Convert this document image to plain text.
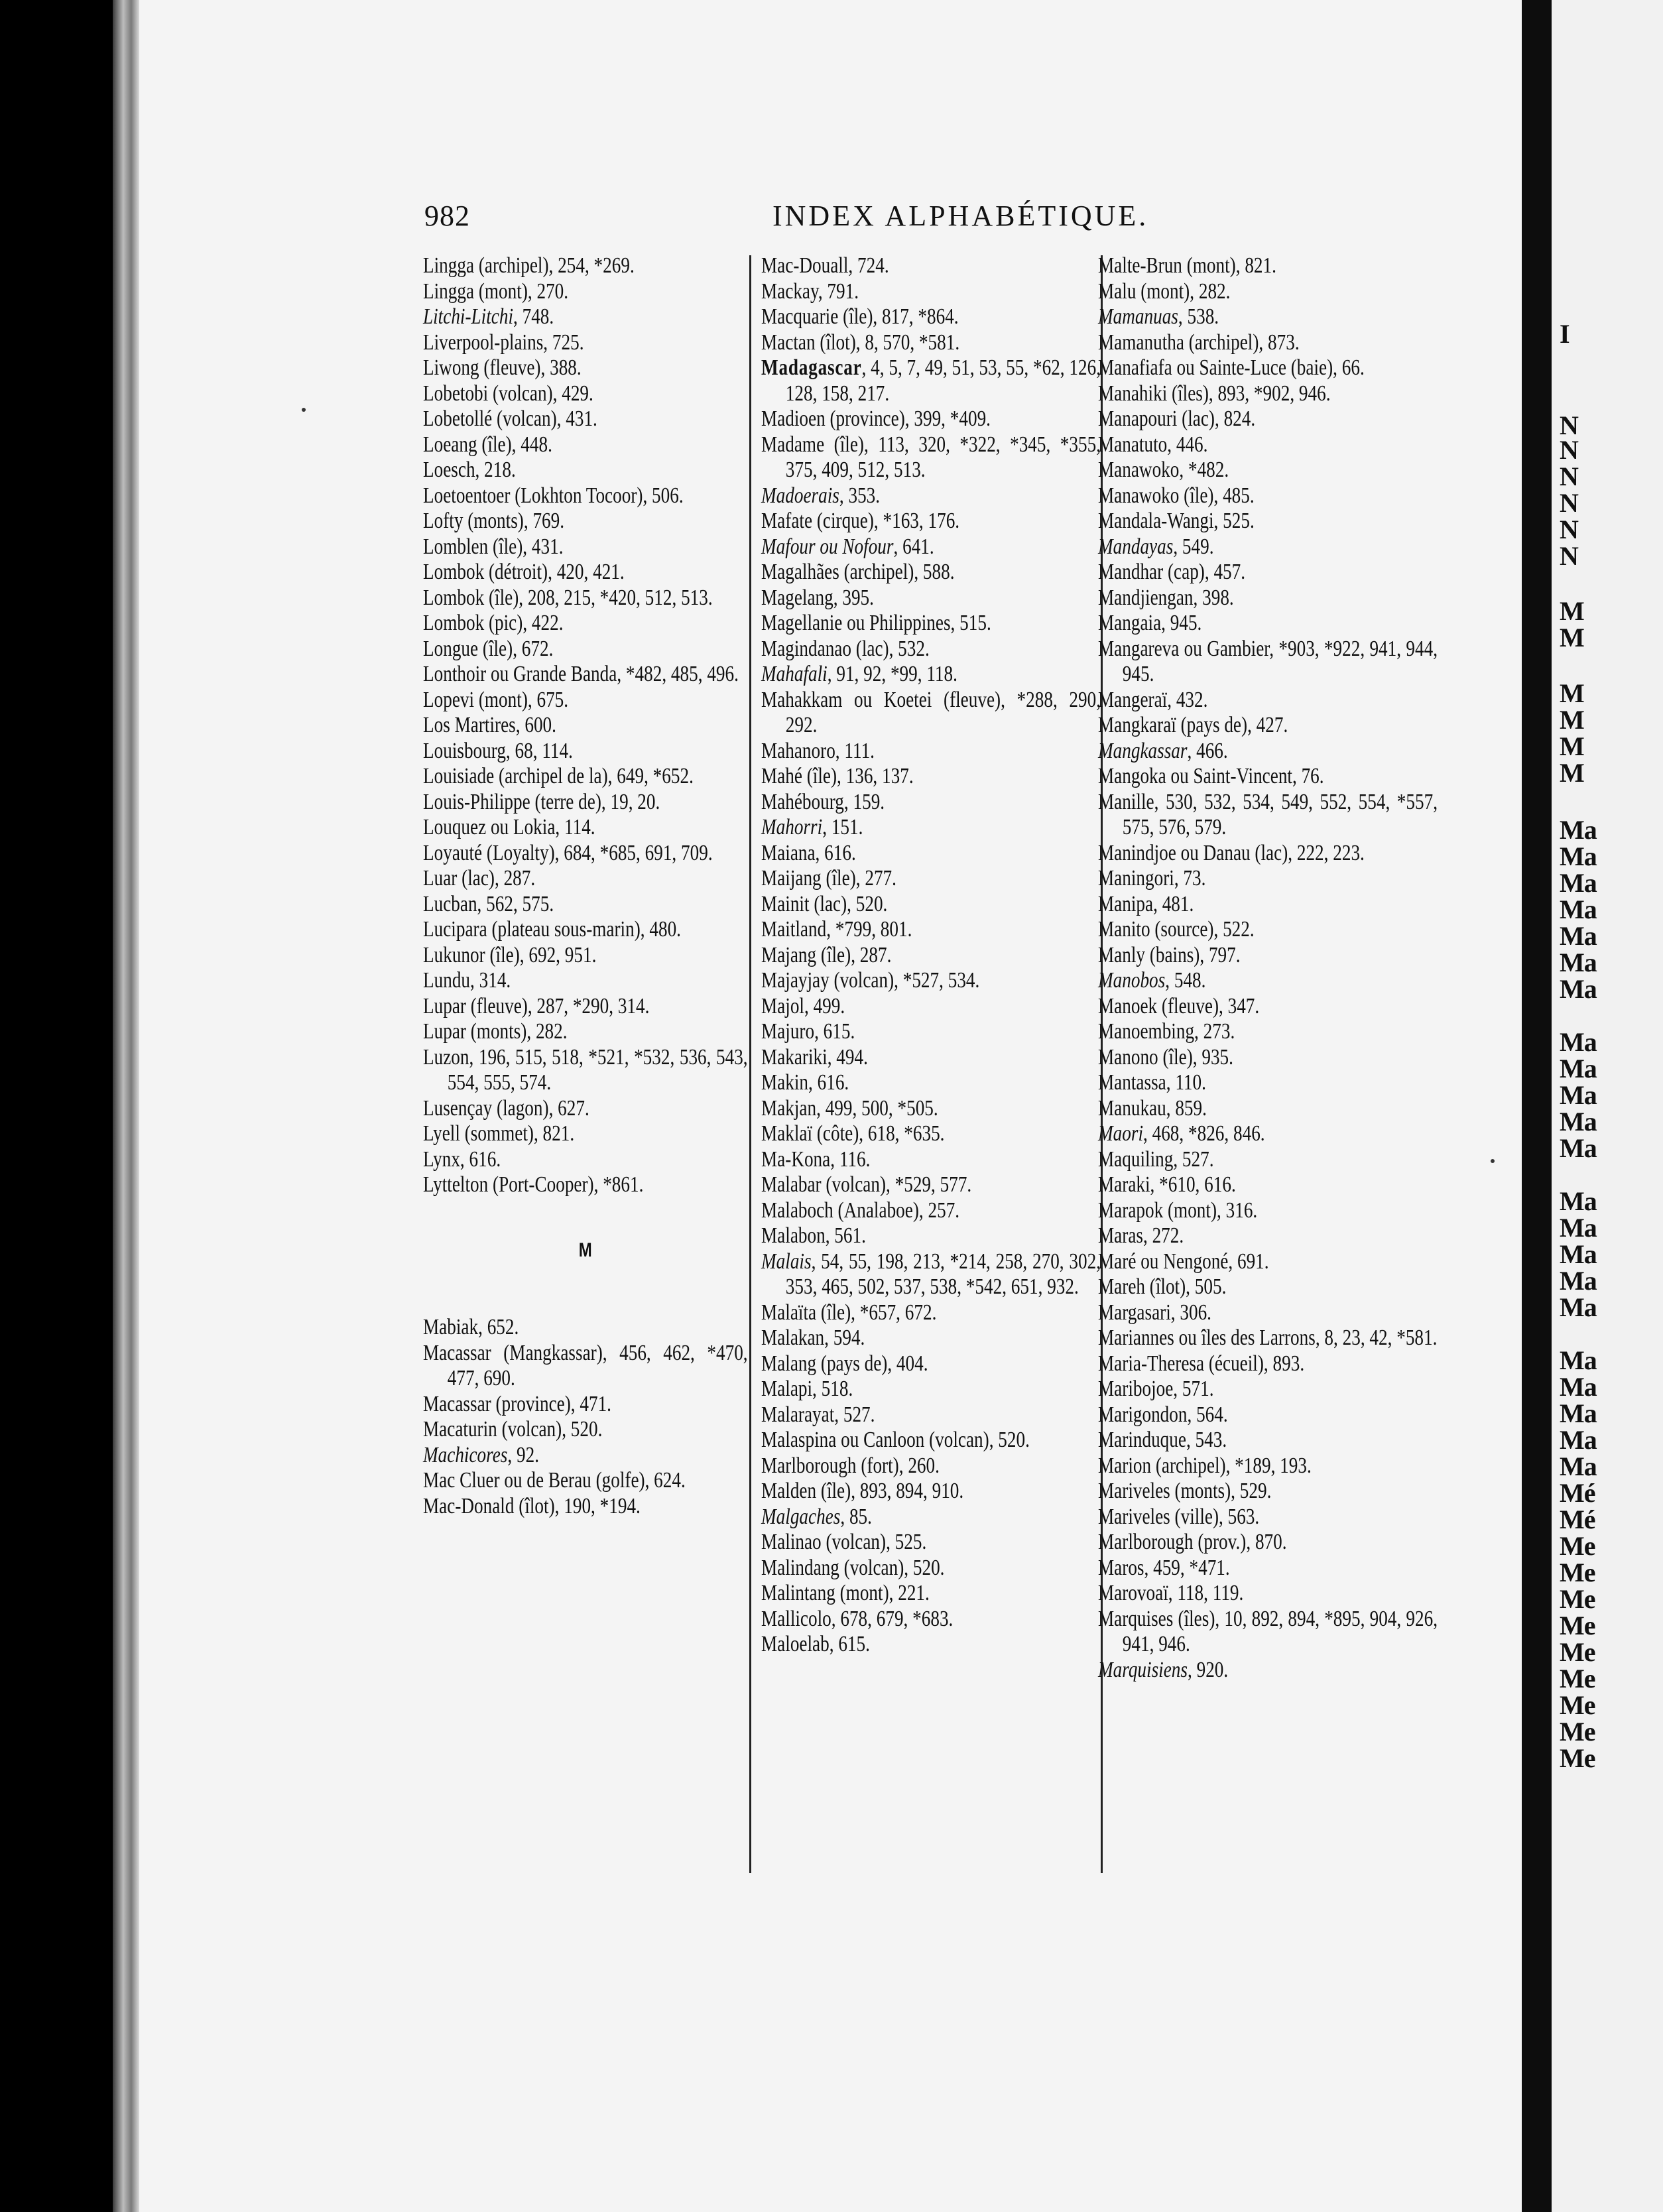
I
N
N
N
N
N
N
M
M
M
M
M
M
Ma
Ma
Ma
Ma
Ma
Ma
Ma
Ma
Ma
Ma
Ma
Ma
Ma
Ma
Ma
Ma
Ma
Ma
Ma
Ma
Ma
Ma
Mé
Mé
Me
Me
Me
Me
Me
Me
Me
Me
Me
982	INDEX ALPHABÉTIQUE.
Lingga (archipel), 254, *269.
Lingga (mont), 270.
Litchi-Litchi, 748.
Liverpool-plains, 725.
Liwong (fleuve), 388.
Lobetobi (volcan), 429.
Lobetollé (volcan), 431.
Loeang (île), 448.
Loesch, 218.
Loetoentoer (Lokhton Tocoor), 506.
Lofty (monts), 769.
Lomblen (île), 431.
Lombok (détroit), 420, 421.
Lombok (île), 208, 215, *420, 512, 513.
Lombok (pic), 422.
Longue (île), 672.
Lonthoir ou Grande Banda, *482, 485, 496.
Lopevi (mont), 675.
Los Martires, 600.
Louisbourg, 68, 114.
Louisiade (archipel de la), 649, *652.
Louis-Philippe (terre de), 19, 20.
Louquez ou Lokia, 114.
Loyauté (Loyalty), 684, *685, 691, 709.
Luar (lac), 287.
Lucban, 562, 575.
Lucipara (plateau sous-marin), 480.
Lukunor (île), 692, 951.
Lundu, 314.
Lupar (fleuve), 287, *290, 314.
Lupar (monts), 282.
Luzon, 196, 515, 518, *521, *532, 536, 543, 554, 555, 574.
Lusençay (lagon), 627.
Lyell (sommet), 821.
Lynx, 616.
Lyttelton (Port-Cooper), *861.
M
Mabiak, 652.
Macassar (Mangkassar), 456, 462, *470, 477, 690.
Macassar (province), 471.
Macaturin (volcan), 520.
Machicores, 92.
Mac Cluer ou de Berau (golfe), 624.
Mac-Donald (îlot), 190, *194.
Mac-Douall, 724.
Mackay, 791.
Macquarie (île), 817, *864.
Mactan (îlot), 8, 570, *581.
Madagascar, 4, 5, 7, 49, 51, 53, 55, *62, 126, 128, 158, 217.
Madioen (province), 399, *409.
Madame (île), 113, 320, *322, *345, *355, 375, 409, 512, 513.
Madoerais, 353.
Mafate (cirque), *163, 176.
Mafour ou Nofour, 641.
Magalhães (archipel), 588.
Magelang, 395.
Magellanie ou Philippines, 515.
Magindanao (lac), 532.
Mahafali, 91, 92, *99, 118.
Mahakkam ou Koetei (fleuve), *288, 290, 292.
Mahanoro, 111.
Mahé (île), 136, 137.
Mahébourg, 159.
Mahorri, 151.
Maiana, 616.
Maijang (île), 277.
Mainit (lac), 520.
Maitland, *799, 801.
Majang (île), 287.
Majayjay (volcan), *527, 534.
Majol, 499.
Majuro, 615.
Makariki, 494.
Makin, 616.
Makjan, 499, 500, *505.
Maklaï (côte), 618, *635.
Ma-Kona, 116.
Malabar (volcan), *529, 577.
Malaboch (Analaboe), 257.
Malabon, 561.
Malais, 54, 55, 198, 213, *214, 258, 270, 302, 353, 465, 502, 537, 538, *542, 651, 932.
Malaïta (île), *657, 672.
Malakan, 594.
Malang (pays de), 404.
Malapi, 518.
Malarayat, 527.
Malaspina ou Canloon (volcan), 520.
Marlborough (fort), 260.
Malden (île), 893, 894, 910.
Malgaches, 85.
Malinao (volcan), 525.
Malindang (volcan), 520.
Malintang (mont), 221.
Mallicolo, 678, 679, *683.
Maloelab, 615.
Malte-Brun (mont), 821.
Malu (mont), 282.
Mamanuas, 538.
Mamanutha (archipel), 873.
Manafiafa ou Sainte-Luce (baie), 66.
Manahiki (îles), 893, *902, 946.
Manapouri (lac), 824.
Manatuto, 446.
Manawoko, *482.
Manawoko (île), 485.
Mandala-Wangi, 525.
Mandayas, 549.
Mandhar (cap), 457.
Mandjiengan, 398.
Mangaia, 945.
Mangareva ou Gambier, *903, *922, 941, 944, 945.
Mangeraï, 432.
Mangkaraï (pays de), 427.
Mangkassar, 466.
Mangoka ou Saint-Vincent, 76.
Manille, 530, 532, 534, 549, 552, 554, *557, 575, 576, 579.
Manindjoe ou Danau (lac), 222, 223.
Maningori, 73.
Manipa, 481.
Manito (source), 522.
Manly (bains), 797.
Manobos, 548.
Manoek (fleuve), 347.
Manoembing, 273.
Manono (île), 935.
Mantassa, 110.
Manukau, 859.
Maori, 468, *826, 846.
Maquiling, 527.
Maraki, *610, 616.
Marapok (mont), 316.
Maras, 272.
Maré ou Nengoné, 691.
Mareh (îlot), 505.
Margasari, 306.
Mariannes ou îles des Larrons, 8, 23, 42, *581.
Maria-Theresa (écueil), 893.
Maribojoe, 571.
Marigondon, 564.
Marinduque, 543.
Marion (archipel), *189, 193.
Mariveles (monts), 529.
Mariveles (ville), 563.
Marlborough (prov.), 870.
Maros, 459, *471.
Marovoaï, 118, 119.
Marquises (îles), 10, 892, 894, *895, 904, 926, 941, 946.
Marquisiens, 920.
